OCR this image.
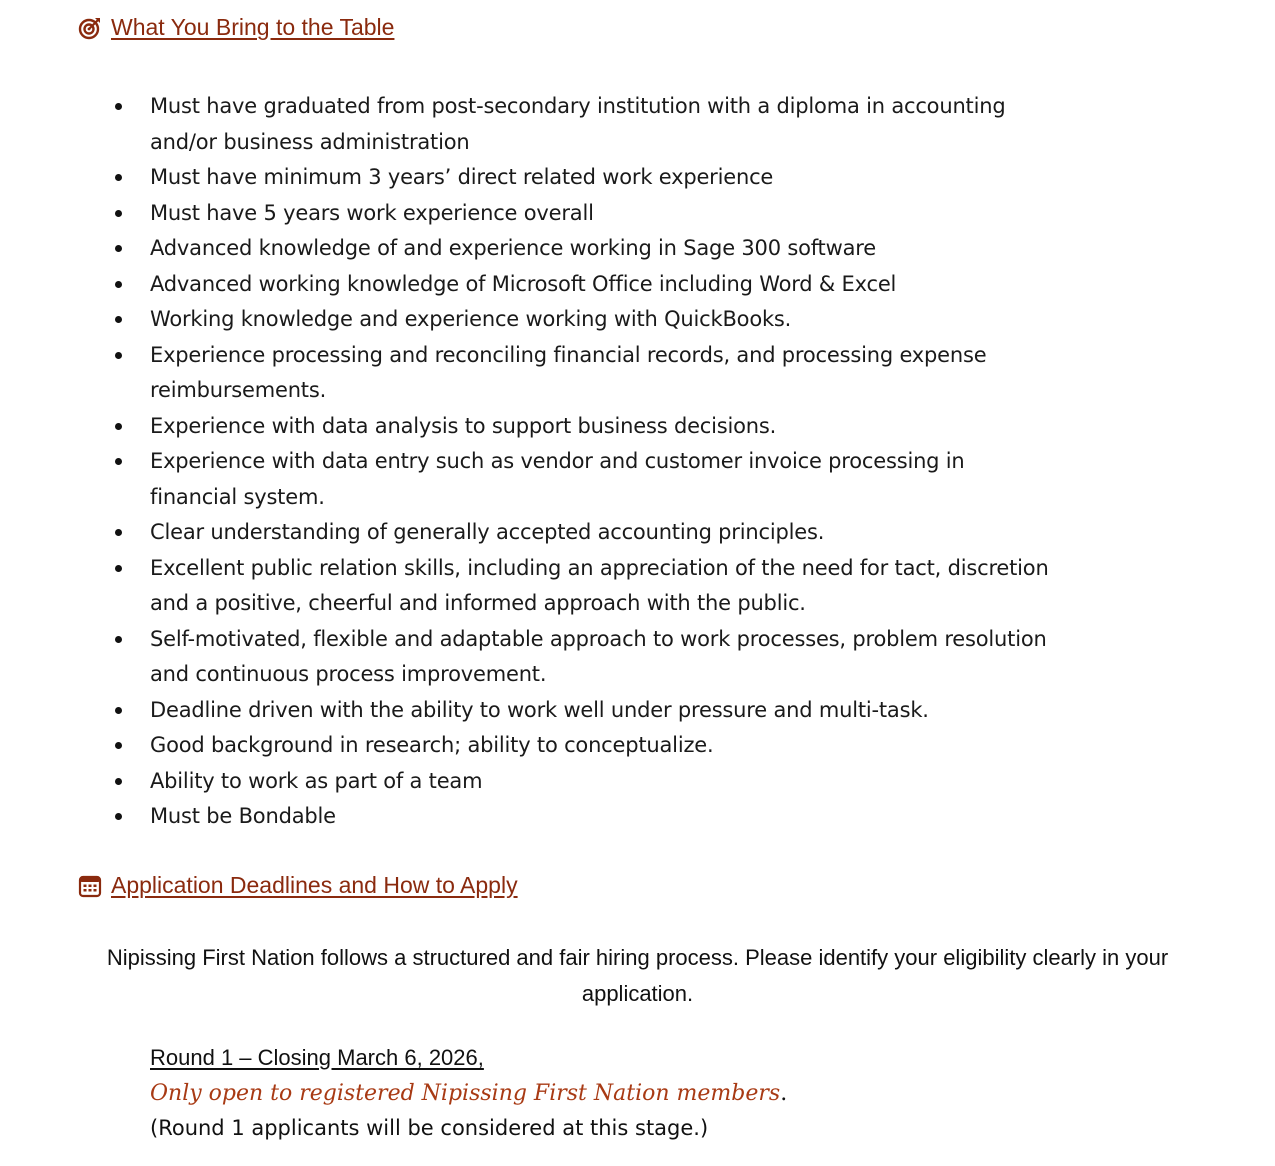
What You Bring to the Table
Must have graduated from post-secondary institution with a diploma in accounting and/or business administration
Must have minimum 3 years’ direct related work experience
Must have 5 years work experience overall
Advanced knowledge of and experience working in Sage 300 software
Advanced working knowledge of Microsoft Office including Word & Excel
Working knowledge and experience working with QuickBooks.
Experience processing and reconciling financial records, and processing expense reimbursements.
Experience with data analysis to support business decisions.
Experience with data entry such as vendor and customer invoice processing in financial system.
Clear understanding of generally accepted accounting principles.
Excellent public relation skills, including an appreciation of the need for tact, discretion and a positive, cheerful and informed approach with the public.
Self-motivated, flexible and adaptable approach to work processes, problem resolution and continuous process improvement.
Deadline driven with the ability to work well under pressure and multi-task.
Good background in research; ability to conceptualize.
Ability to work as part of a team
Must be Bondable
Application Deadlines and How to Apply

Nipissing First Nation follows a structured and fair hiring process. Please identify your eligibility clearly in your application.

Round 1 – Closing March 6, 2026,
Only open to registered Nipissing First Nation members.
(Round 1 applicants will be considered at this stage.)
